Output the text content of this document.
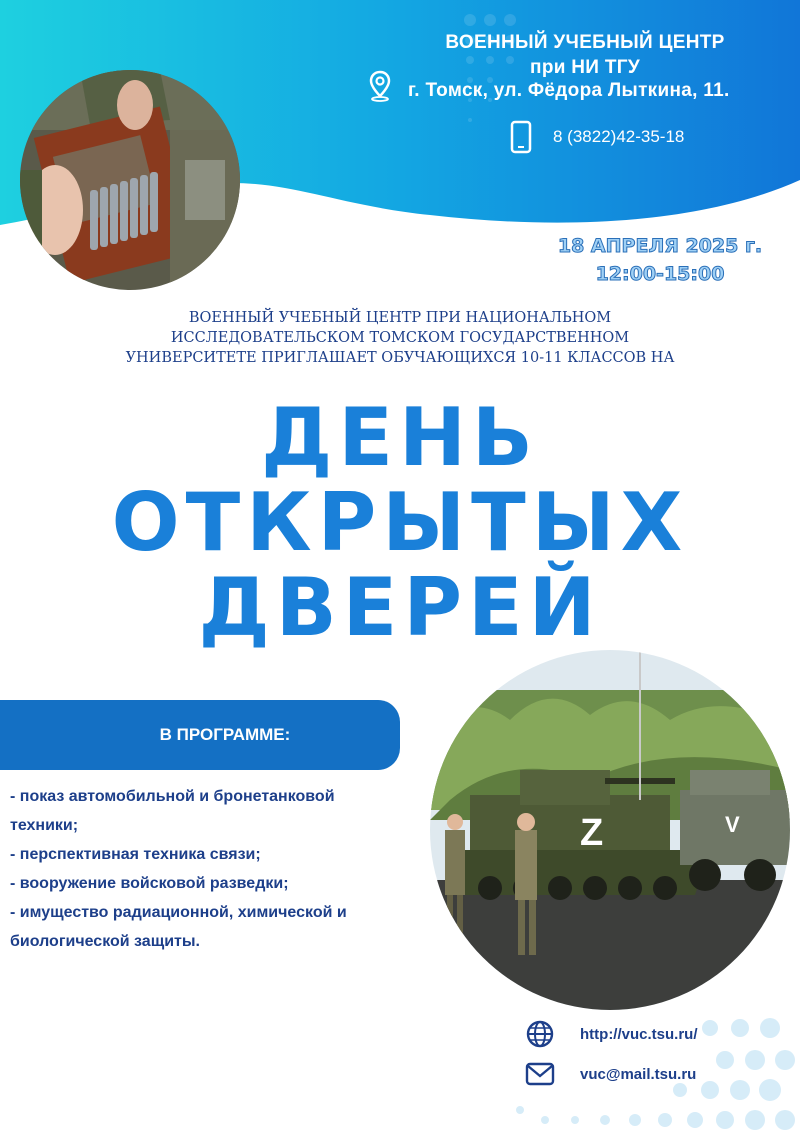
ВОЕННЫЙ УЧЕБНЫЙ ЦЕНТР
при НИ ТГУ
г. Томск, ул. Фёдора Лыткина, 11.
8 (3822)42-35-18
18 АПРЕЛЯ 2025 г.
12:00-15:00
ВОЕННЫЙ УЧЕБНЫЙ ЦЕНТР ПРИ НАЦИОНАЛЬНОМ
ИССЛЕДОВАТЕЛЬСКОМ ТОМСКОМ ГОСУДАРСТВЕННОМ
УНИВЕРСИТЕТЕ ПРИГЛАШАЕТ ОБУЧАЮЩИХСЯ 10-11 КЛАССОВ НА
ДЕНЬ
ОТКРЫТЫХ
ДВЕРЕЙ
Z	V
В ПРОГРАММЕ:
- показ автомобильной и бронетанковой
техники;
- перспективная техника связи;
- вооружение войсковой разведки;
- имущество радиационной, химической и
биологической защиты.
http://vuc.tsu.ru/
vuc@mail.tsu.ru
